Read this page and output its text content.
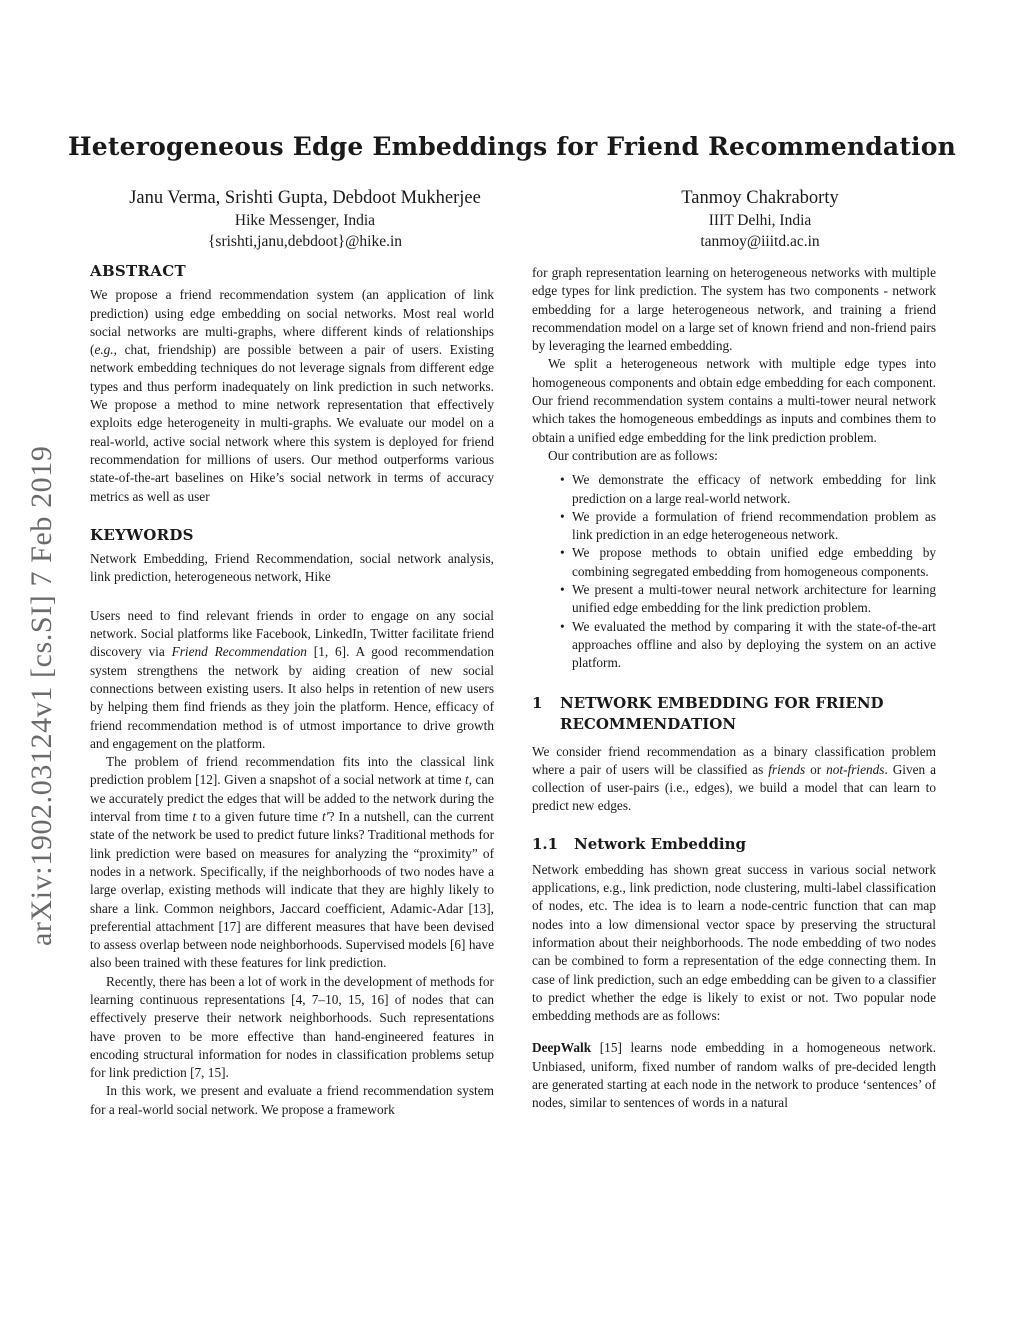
Heterogeneous Edge Embeddings for Friend Recommendation
Janu Verma, Srishti Gupta, Debdoot Mukherjee
Hike Messenger, India
{srishti,janu,debdoot}@hike.in
Tanmoy Chakraborty
IIIT Delhi, India
tanmoy@iiitd.ac.in
arXiv:1902.03124v1 [cs.SI] 7 Feb 2019
ABSTRACT

We propose a friend recommendation system (an application of link prediction) using edge embedding on social networks. Most real world social networks are multi-graphs, where different kinds of relationships (e.g., chat, friendship) are possible between a pair of users. Existing network embedding techniques do not leverage signals from different edge types and thus perform inadequately on link prediction in such networks. We propose a method to mine network representation that effectively exploits edge heterogeneity in multi-graphs. We evaluate our model on a real-world, active social network where this system is deployed for friend recommendation for millions of users. Our method outperforms various state-of-the-art baselines on Hike’s social network in terms of accuracy metrics as well as user

KEYWORDS

Network Embedding, Friend Recommendation, social network analysis, link prediction, heterogeneous network, Hike

Users need to find relevant friends in order to engage on any social network. Social platforms like Facebook, LinkedIn, Twitter facilitate friend discovery via Friend Recommendation [1, 6]. A good recommendation system strengthens the network by aiding creation of new social connections between existing users. It also helps in retention of new users by helping them find friends as they join the platform. Hence, efficacy of friend recommendation method is of utmost importance to drive growth and engagement on the platform.

The problem of friend recommendation fits into the classical link prediction problem [12]. Given a snapshot of a social network at time t, can we accurately predict the edges that will be added to the network during the interval from time t to a given future time t′? In a nutshell, can the current state of the network be used to predict future links? Traditional methods for link prediction were based on measures for analyzing the “proximity” of nodes in a network. Specifically, if the neighborhoods of two nodes have a large overlap, existing methods will indicate that they are highly likely to share a link. Common neighbors, Jaccard coefficient, Adamic-Adar [13], preferential attachment [17] are different measures that have been devised to assess overlap between node neighborhoods. Supervised models [6] have also been trained with these features for link prediction.

Recently, there has been a lot of work in the development of methods for learning continuous representations [4, 7–10, 15, 16] of nodes that can effectively preserve their network neighborhoods. Such representations have proven to be more effective than hand-engineered features in encoding structural information for nodes in classification problems setup for link prediction [7, 15].

In this work, we present and evaluate a friend recommendation system for a real-world social network. We propose a framework

for graph representation learning on heterogeneous networks with multiple edge types for link prediction. The system has two components - network embedding for a large heterogeneous network, and training a friend recommendation model on a large set of known friend and non-friend pairs by leveraging the learned embedding.

We split a heterogeneous network with multiple edge types into homogeneous components and obtain edge embedding for each component. Our friend recommendation system contains a multi-tower neural network which takes the homogeneous embeddings as inputs and combines them to obtain a unified edge embedding for the link prediction problem.

Our contribution are as follows:

• We demonstrate the efficacy of network embedding for link prediction on a large real-world network.
• We provide a formulation of friend recommendation problem as link prediction in an edge heterogeneous network.
• We propose methods to obtain unified edge embedding by combining segregated embedding from homogeneous components.
• We present a multi-tower neural network architecture for learning unified edge embedding for the link prediction problem.
• We evaluated the method by comparing it with the state-of-the-art approaches offline and also by deploying the system on an active platform.
1	NETWORK EMBEDDING FOR FRIEND RECOMMENDATION

We consider friend recommendation as a binary classification problem where a pair of users will be classified as friends or not-friends. Given a collection of user-pairs (i.e., edges), we build a model that can learn to predict new edges.

1.1	Network Embedding

Network embedding has shown great success in various social network applications, e.g., link prediction, node clustering, multi-label classification of nodes, etc. The idea is to learn a node-centric function that can map nodes into a low dimensional vector space by preserving the structural information about their neighborhoods. The node embedding of two nodes can be combined to form a representation of the edge connecting them. In case of link prediction, such an edge embedding can be given to a classifier to predict whether the edge is likely to exist or not. Two popular node embedding methods are as follows:

DeepWalk [15] learns node embedding in a homogeneous network. Unbiased, uniform, fixed number of random walks of pre-decided length are generated starting at each node in the network to produce ‘sentences’ of nodes, similar to sentences of words in a natural
